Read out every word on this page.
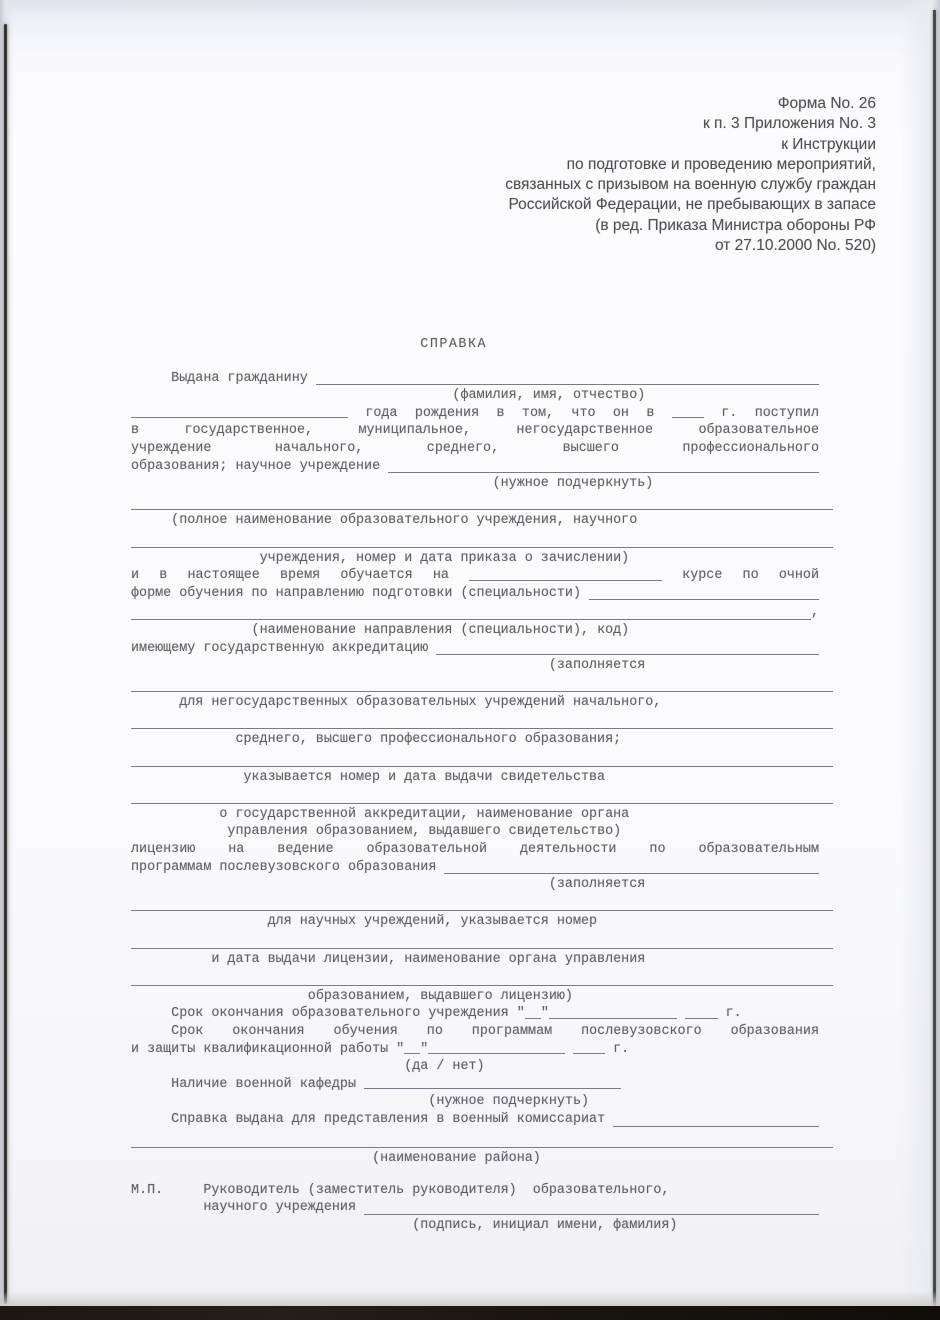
Форма No. 26
к п. 3 Приложения No. 3
к Инструкции
по подготовке и проведению мероприятий,
связанных с призывом на военную службу граждан
Российской Федерации, не пребывающих в запасе
(в ред. Приказа Министра обороны РФ
от 27.10.2000 No. 520)
СПРАВКА
Выдана гражданину
(фамилия, имя, отчество)
года рождения в том, что он в  г. поступил
в государственное, муниципальное, негосударственное образовательное
учреждение начального, среднего, высшего профессионального
образования; научное учреждение
(нужное подчеркнуть)
(полное наименование образовательного учреждения, научного
учреждения, номер и дата приказа о зачислении)
и в настоящее время обучается на	курсе по очной
форме обучения по направлению подготовки (специальности)
,
(наименование направления (специальности), код)
имеющему государственную аккредитацию
(заполняется
для негосударственных образовательных учреждений начального,
среднего, высшего профессионального образования;
указывается номер и дата выдачи свидетельства
о государственной аккредитации, наименование органа
управления образованием, выдавшего свидетельство)
лицензию на ведение образовательной деятельности по образовательным
программам послевузовского образования
(заполняется
для научных учреждений, указывается номер
и дата выдачи лицензии, наименование органа управления
образованием, выдавшего лицензию)
Срок окончания образовательного учреждения " "	г.
Срок окончания обучения по программам послевузовского образования
и защиты квалификационной работы " "	г.
(да / нет)
Наличие военной кафедры
(нужное подчеркнуть)
Справка выдана для представления в военный комиссариат
(наименование района)
М.П.	Руководитель (заместитель руководителя)  образовательного,
научного учреждения
(подпись, инициал имени, фамилия)
